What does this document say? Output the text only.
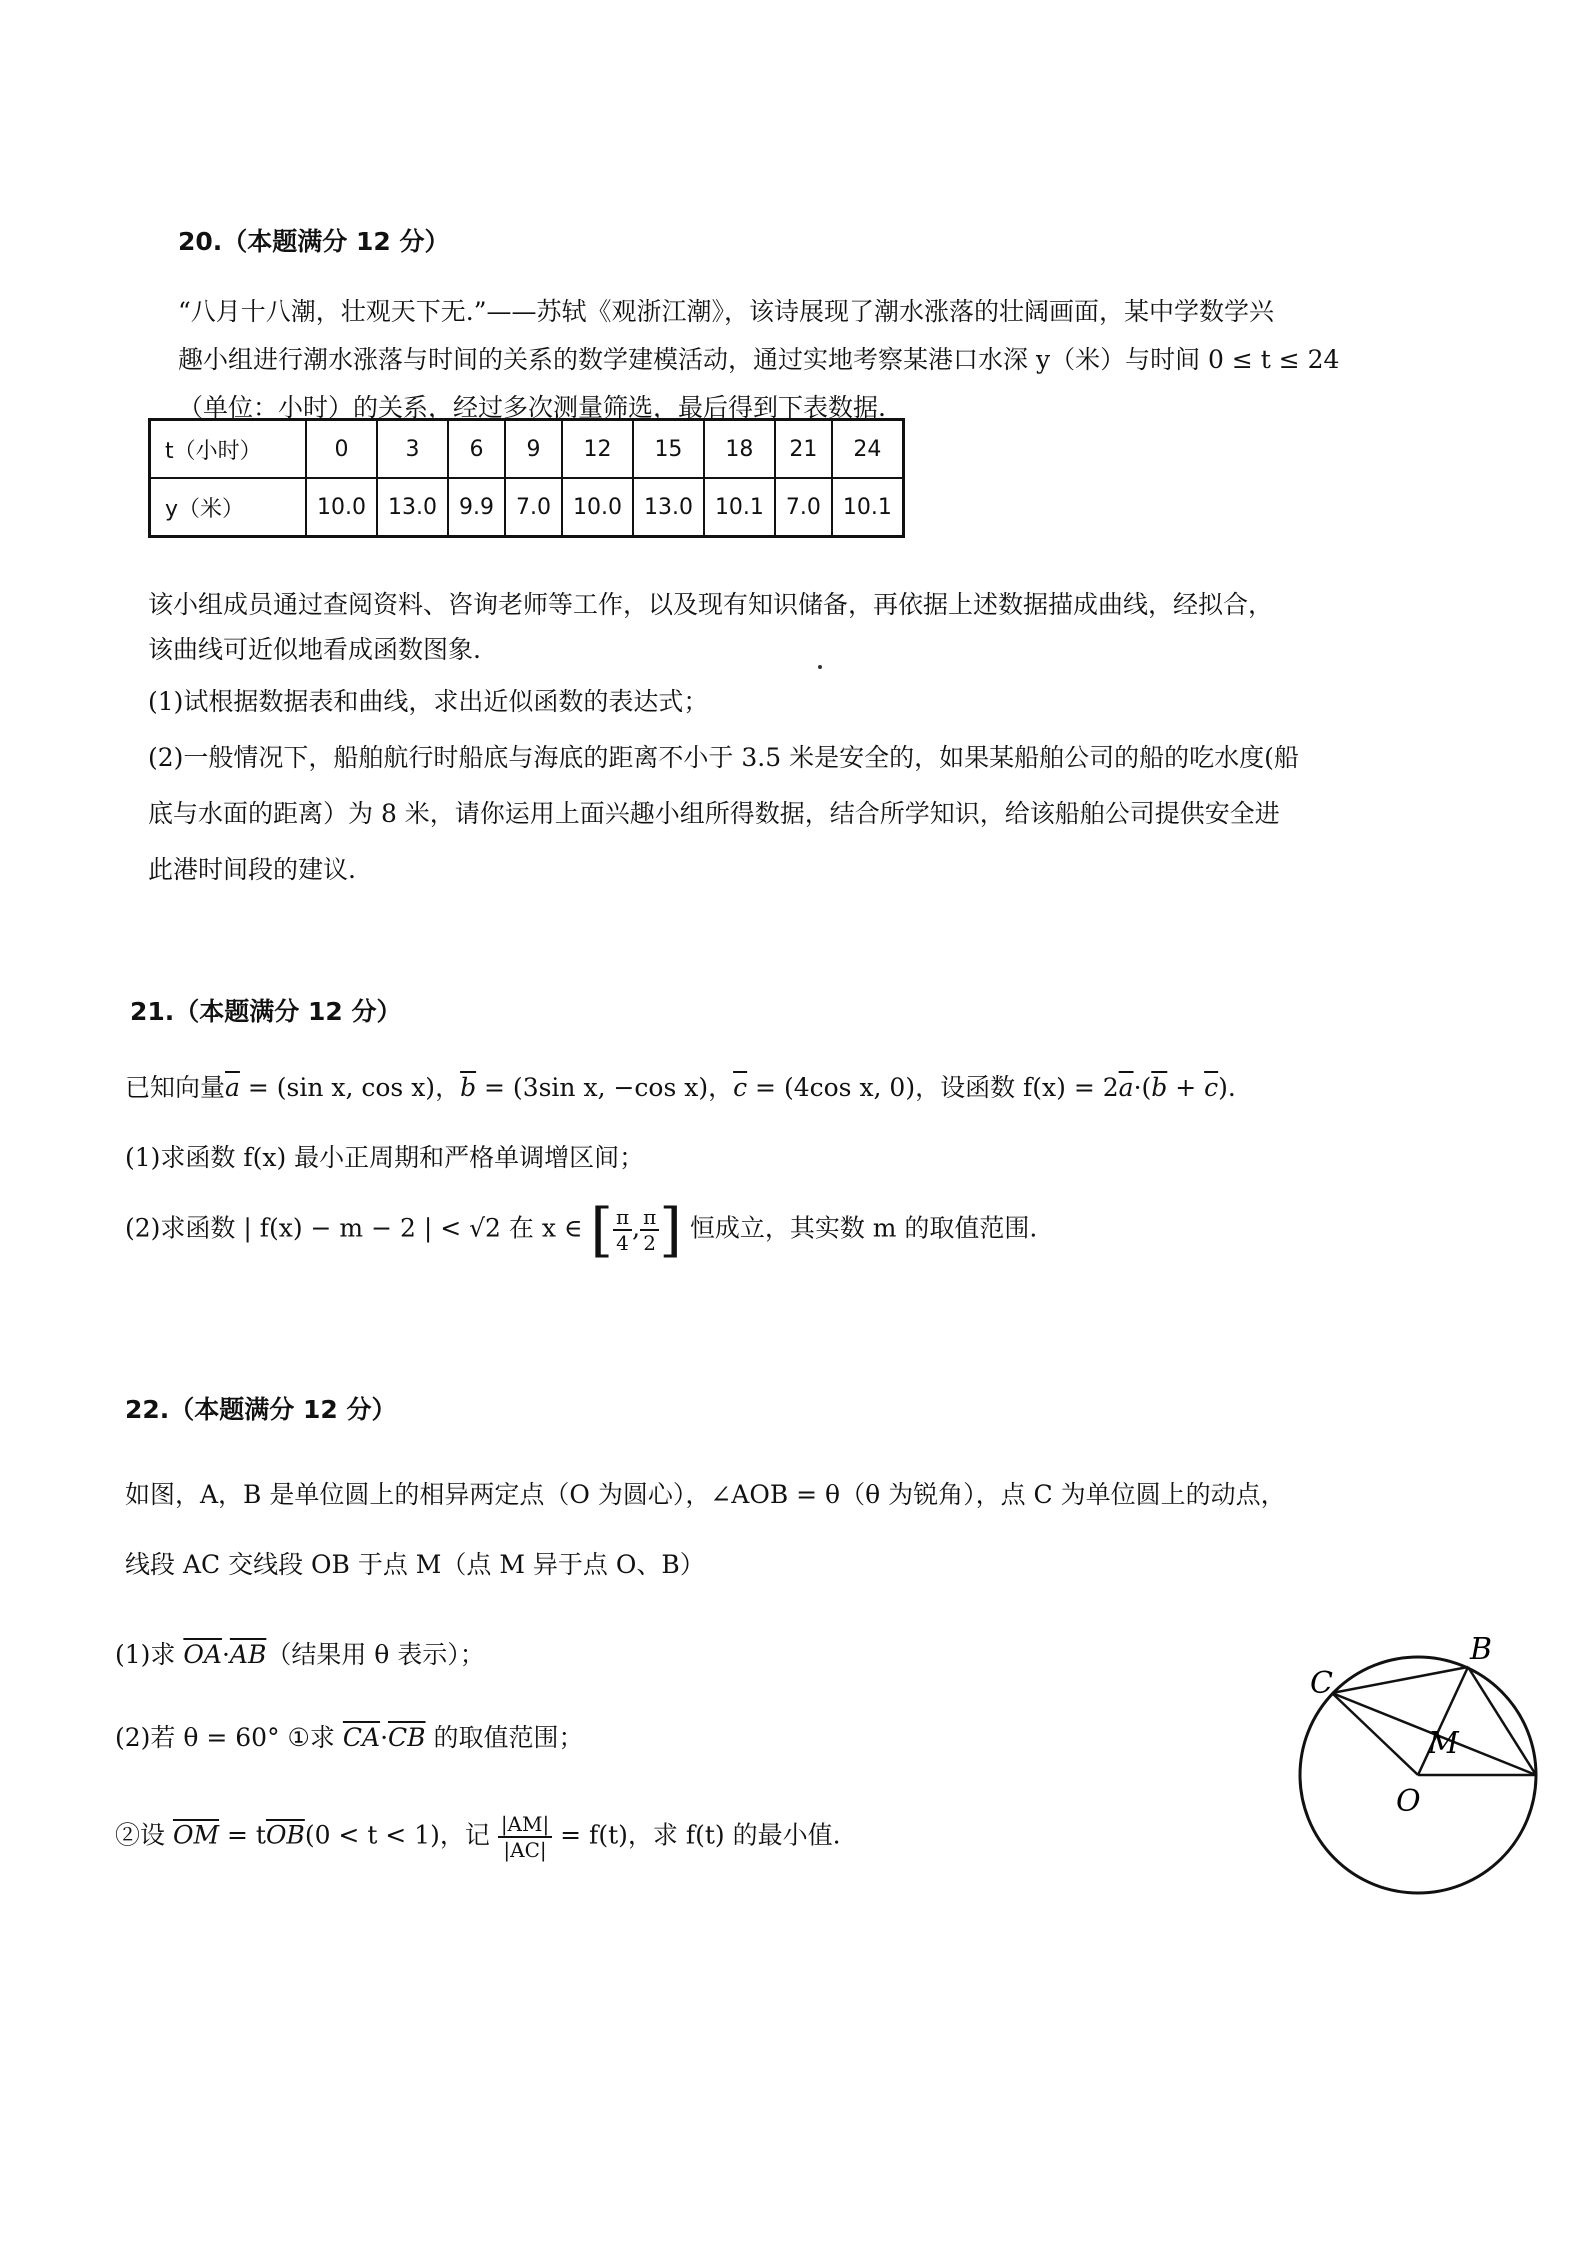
20.（本题满分 12 分）
“八月十八潮，壮观天下无.”——苏轼《观浙江潮》，该诗展现了潮水涨落的壮阔画面，某中学数学兴
趣小组进行潮水涨落与时间的关系的数学建模活动，通过实地考察某港口水深 y（米）与时间 0 ≤ t ≤ 24
（单位：小时）的关系，经过多次测量筛选，最后得到下表数据.
t（小时）	0	3	6	9	12	15	18	21	24
y（米）	10.0	13.0	9.9	7.0	10.0	13.0	10.1	7.0	10.1
该小组成员通过查阅资料、咨询老师等工作，以及现有知识储备，再依据上述数据描成曲线，经拟合，
该曲线可近似地看成函数图象.
(1)试根据数据表和曲线，求出近似函数的表达式；
(2)一般情况下，船舶航行时船底与海底的距离不小于 3.5 米是安全的，如果某船舶公司的船的吃水度(船
底与水面的距离）为 8 米，请你运用上面兴趣小组所得数据，结合所学知识，给该船舶公司提供安全进
此港时间段的建议.
21.（本题满分 12 分）
已知向量$\overline{a} = (\sin$ x, cos x)，$\overline{b} = (3\sin$ x, −cos x)，$\overline{c} = (4\cos$ x, 0)，设函数 $f(x) = 2\overline{a}\cdot(\overline{b} + \overline{c})$.
(1)求函数 f(x) 最小正周期和严格单调增区间；
(2)求函数 | f(x) − m − 2 | < √2 在 x ∈ [ $\frac{\pi}{4}$ , $\frac{\pi}{2}$ ] 恒成立，其实数 m 的取值范围.
22.（本题满分 12 分）
如图，A，B 是单位圆上的相异两定点（O 为圆心），∠AOB = θ（θ 为锐角），点 C 为单位圆上的动点，
线段 AC 交线段 OB 于点 M（点 M 异于点 O、B）
(1)求 $\overline{OA}\cdot\overline{AB}$（结果用 θ 表示）；
(2)若 θ = 60° ①求 $\overline{CA}\cdot\overline{CB}$ 的取值范围；
②设 $\overline{OM} = t\overline{OB}(0 < t < 1)$，记 $\frac{|AM|}{|AC|} = f(t)$，求 f(t) 的最小值.
C
B
M
O
